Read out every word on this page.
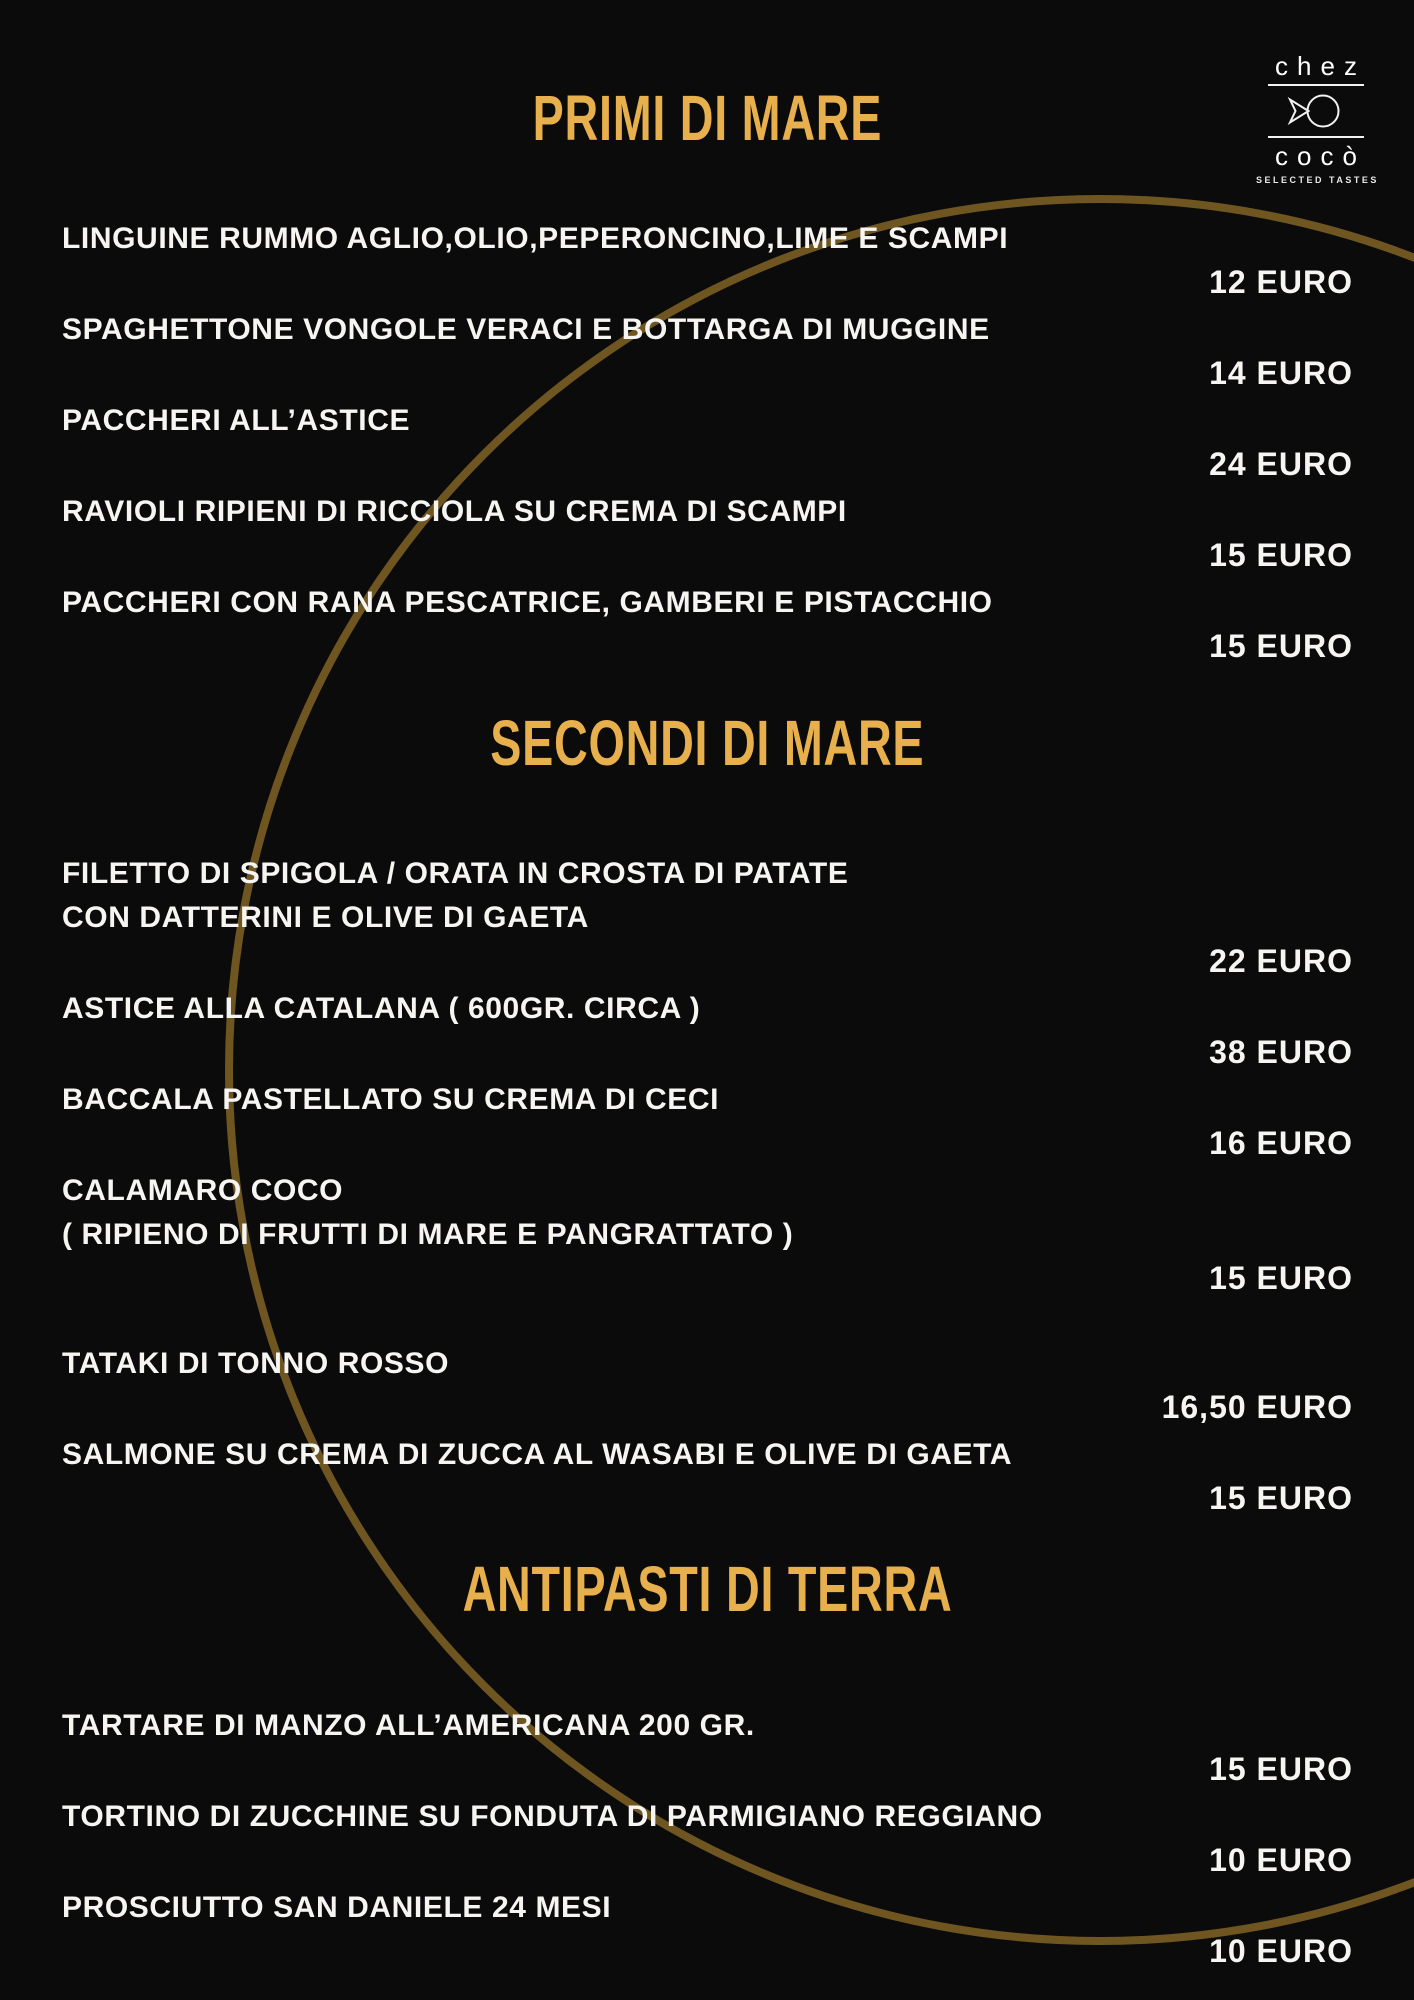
chez
cocò
SELECTED TASTES
PRIMI DI MARE
LINGUINE RUMMO AGLIO,OLIO,PEPERONCINO,LIME E SCAMPI
12 EURO
SPAGHETTONE VONGOLE VERACI E BOTTARGA DI MUGGINE
14 EURO
PACCHERI ALL’ASTICE
24 EURO
RAVIOLI RIPIENI DI RICCIOLA SU CREMA DI SCAMPI
15 EURO
PACCHERI CON RANA PESCATRICE, GAMBERI E PISTACCHIO
15 EURO
SECONDI DI MARE
FILETTO DI SPIGOLA / ORATA IN CROSTA DI PATATE
CON DATTERINI E OLIVE DI GAETA
22 EURO
ASTICE ALLA CATALANA ( 600GR. CIRCA )
38 EURO
BACCALA PASTELLATO SU CREMA DI CECI
16 EURO
CALAMARO COCO
( RIPIENO DI FRUTTI DI MARE E PANGRATTATO )
15 EURO
TATAKI DI TONNO ROSSO
16,50 EURO
SALMONE SU CREMA DI ZUCCA AL WASABI E OLIVE DI GAETA
15 EURO
ANTIPASTI DI TERRA
TARTARE DI MANZO ALL’AMERICANA 200 GR.
15 EURO
TORTINO DI ZUCCHINE SU FONDUTA DI PARMIGIANO REGGIANO
10 EURO
PROSCIUTTO SAN DANIELE 24 MESI
10 EURO
